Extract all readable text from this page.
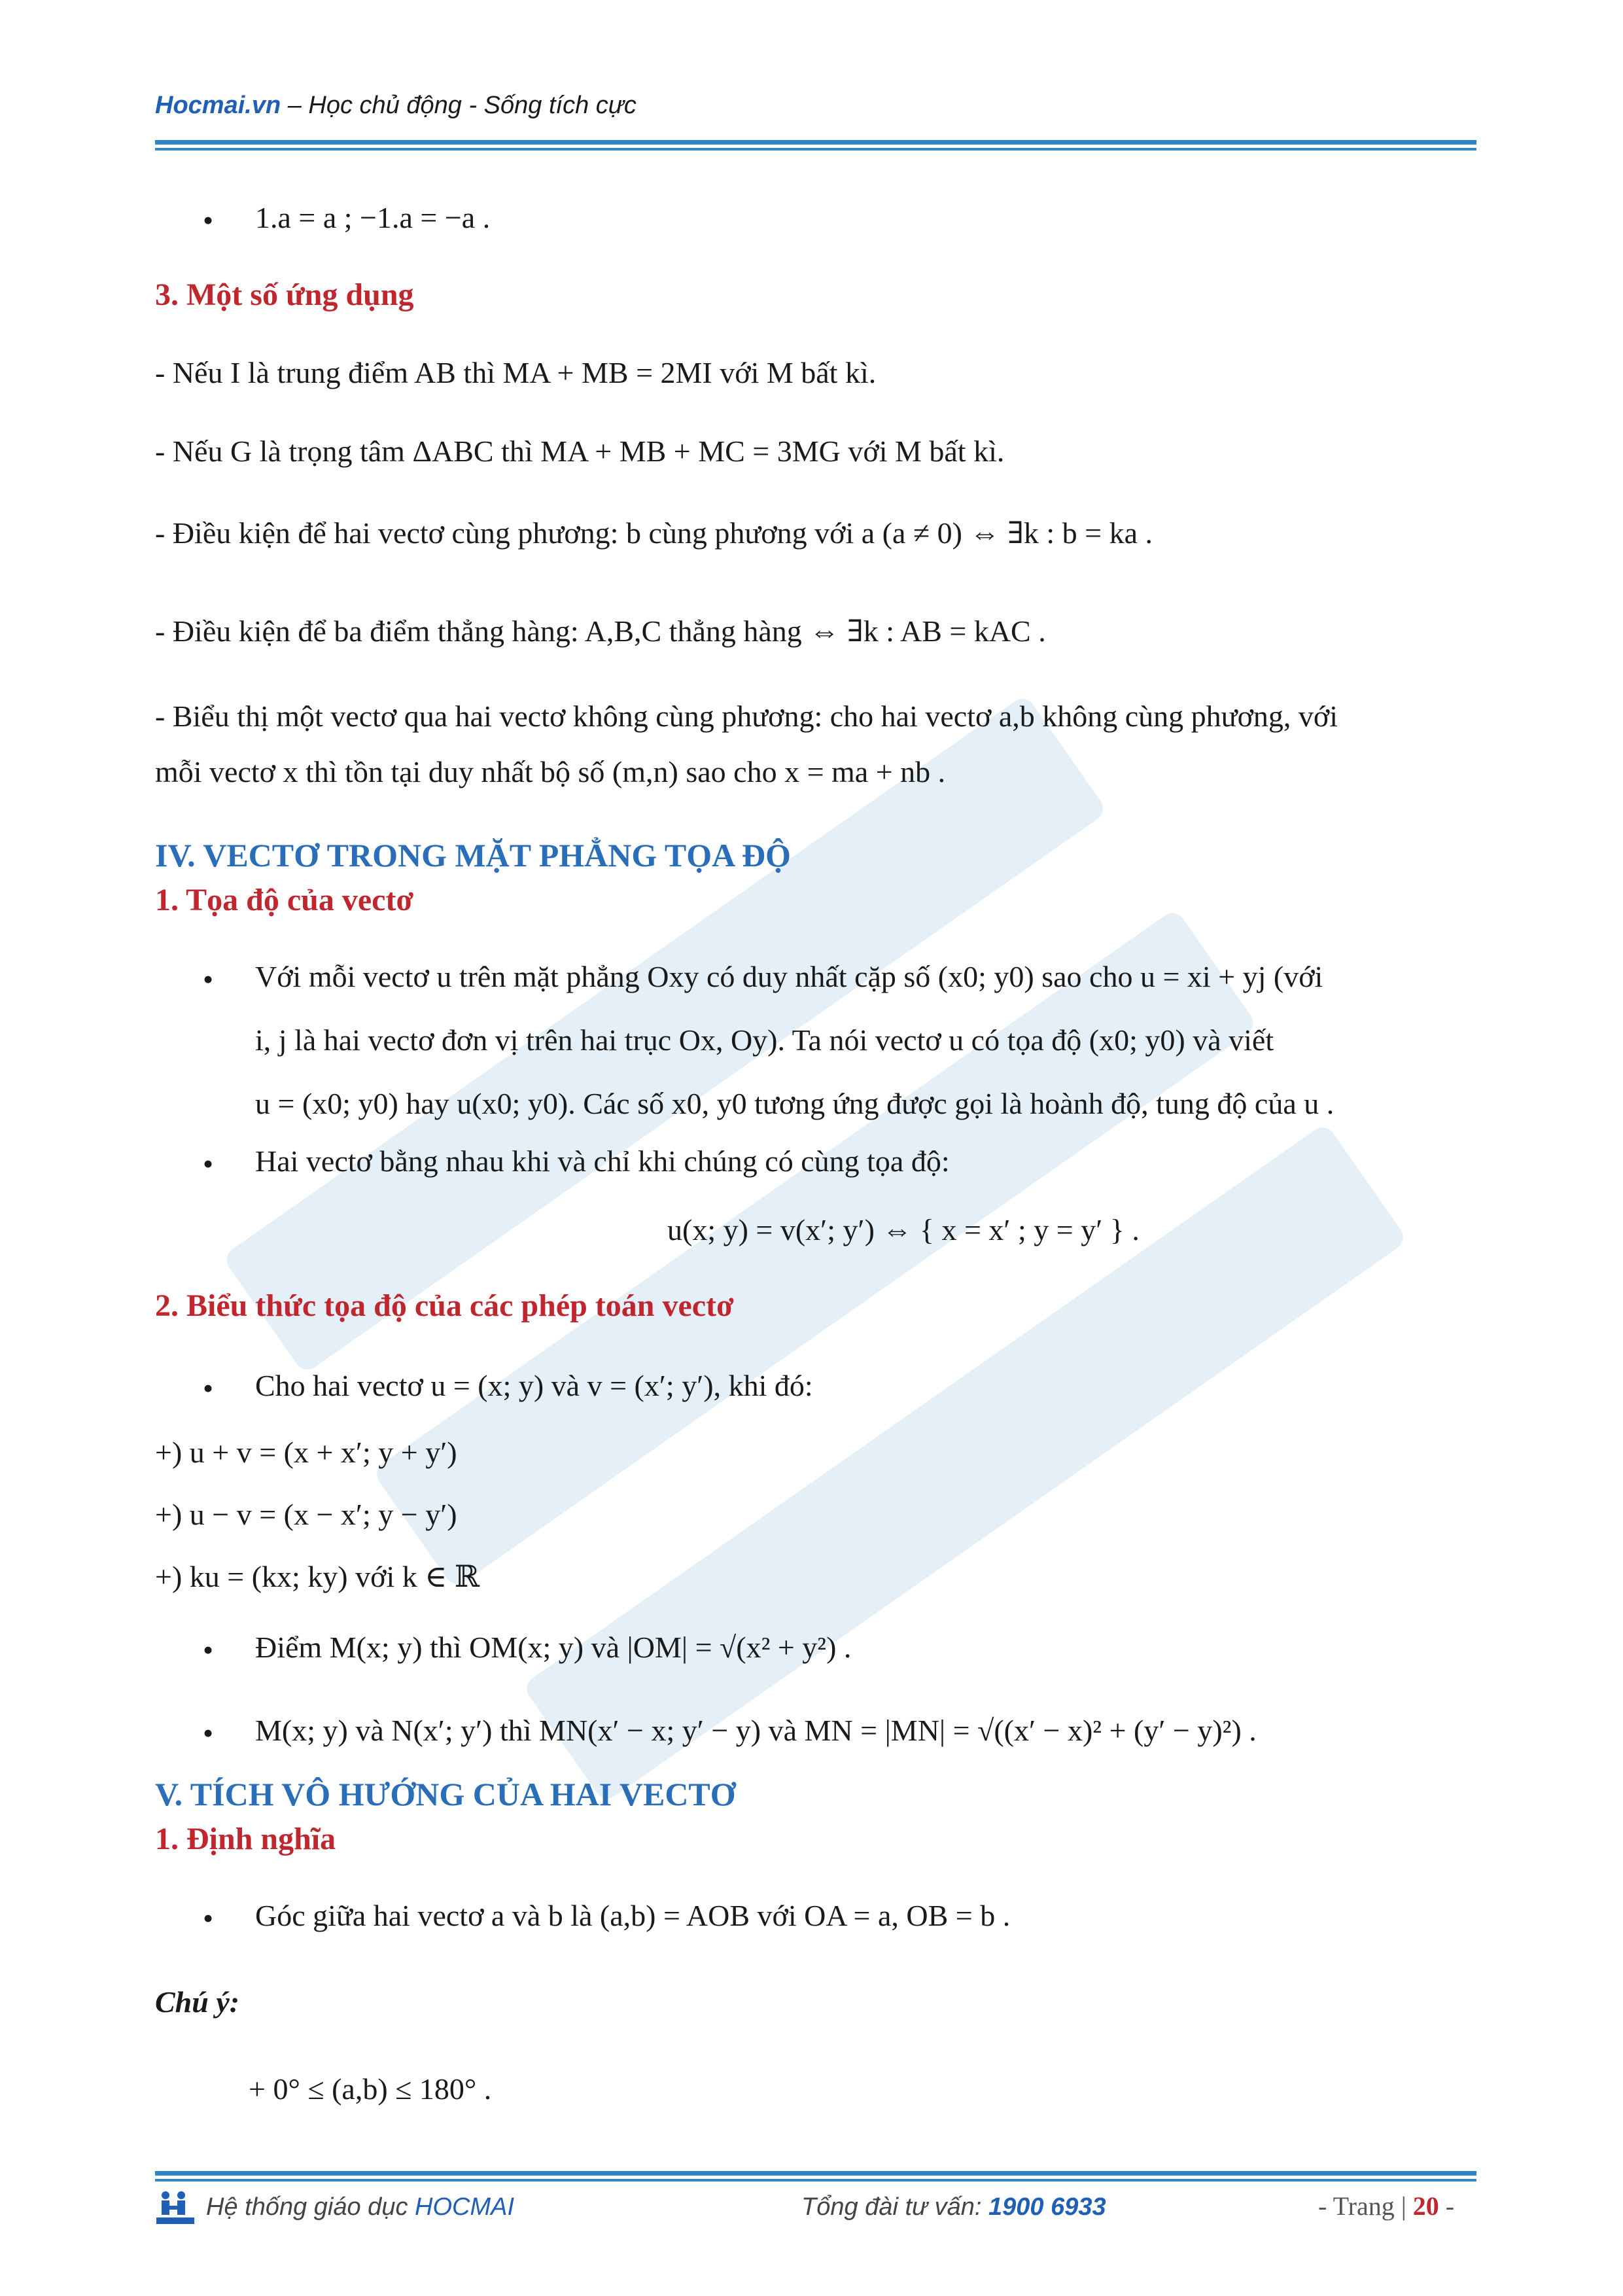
Hocmai.vn – Học chủ động - Sống tích cực
• 1.a = a ; −1.a = −a .
3. Một số ứng dụng
- Nếu I là trung điểm AB thì MA + MB = 2MI với M bất kì.
- Nếu G là trọng tâm ΔABC thì MA + MB + MC = 3MG với M bất kì.
- Điều kiện để hai vectơ cùng phương: b cùng phương với a (a ≠ 0) ⇔ ∃k : b = ka .
- Điều kiện để ba điểm thẳng hàng: A,B,C thẳng hàng ⇔ ∃k : AB = kAC .
- Biểu thị một vectơ qua hai vectơ không cùng phương: cho hai vectơ a,b không cùng phương, với
mỗi vectơ x thì tồn tại duy nhất bộ số (m,n) sao cho x = ma + nb .
IV. VECTƠ TRONG MẶT PHẲNG TỌA ĐỘ
1. Tọa độ của vectơ
• Với mỗi vectơ u trên mặt phẳng Oxy có duy nhất cặp số (x0; y0) sao cho u = xi + yj (với
i, j là hai vectơ đơn vị trên hai trục Ox, Oy). Ta nói vectơ u có tọa độ (x0; y0) và viết
u = (x0; y0) hay u(x0; y0). Các số x0, y0 tương ứng được gọi là hoành độ, tung độ của u .
• Hai vectơ bằng nhau khi và chỉ khi chúng có cùng tọa độ:
u(x; y) = v(x′; y′) ⇔ { x = x′ ; y = y′ } .
2. Biểu thức tọa độ của các phép toán vectơ
• Cho hai vectơ u = (x; y) và v = (x′; y′), khi đó:
+) u + v = (x + x′; y + y′)
+) u − v = (x − x′; y − y′)
+) ku = (kx; ky) với k ∈ ℝ
• Điểm M(x; y) thì OM(x; y) và |OM| = √(x² + y²) .
• M(x; y) và N(x′; y′) thì MN(x′ − x; y′ − y) và MN = |MN| = √((x′ − x)² + (y′ − y)²) .
V. TÍCH VÔ HƯỚNG CỦA HAI VECTƠ
1. Định nghĩa
• Góc giữa hai vectơ a và b là (a,b) = AOB với OA = a, OB = b .
Chú ý:
+ 0° ≤ (a,b) ≤ 180° .
Hệ thống giáo dục HOCMAI	Tổng đài tư vấn: 1900 6933	- Trang | 20 -
